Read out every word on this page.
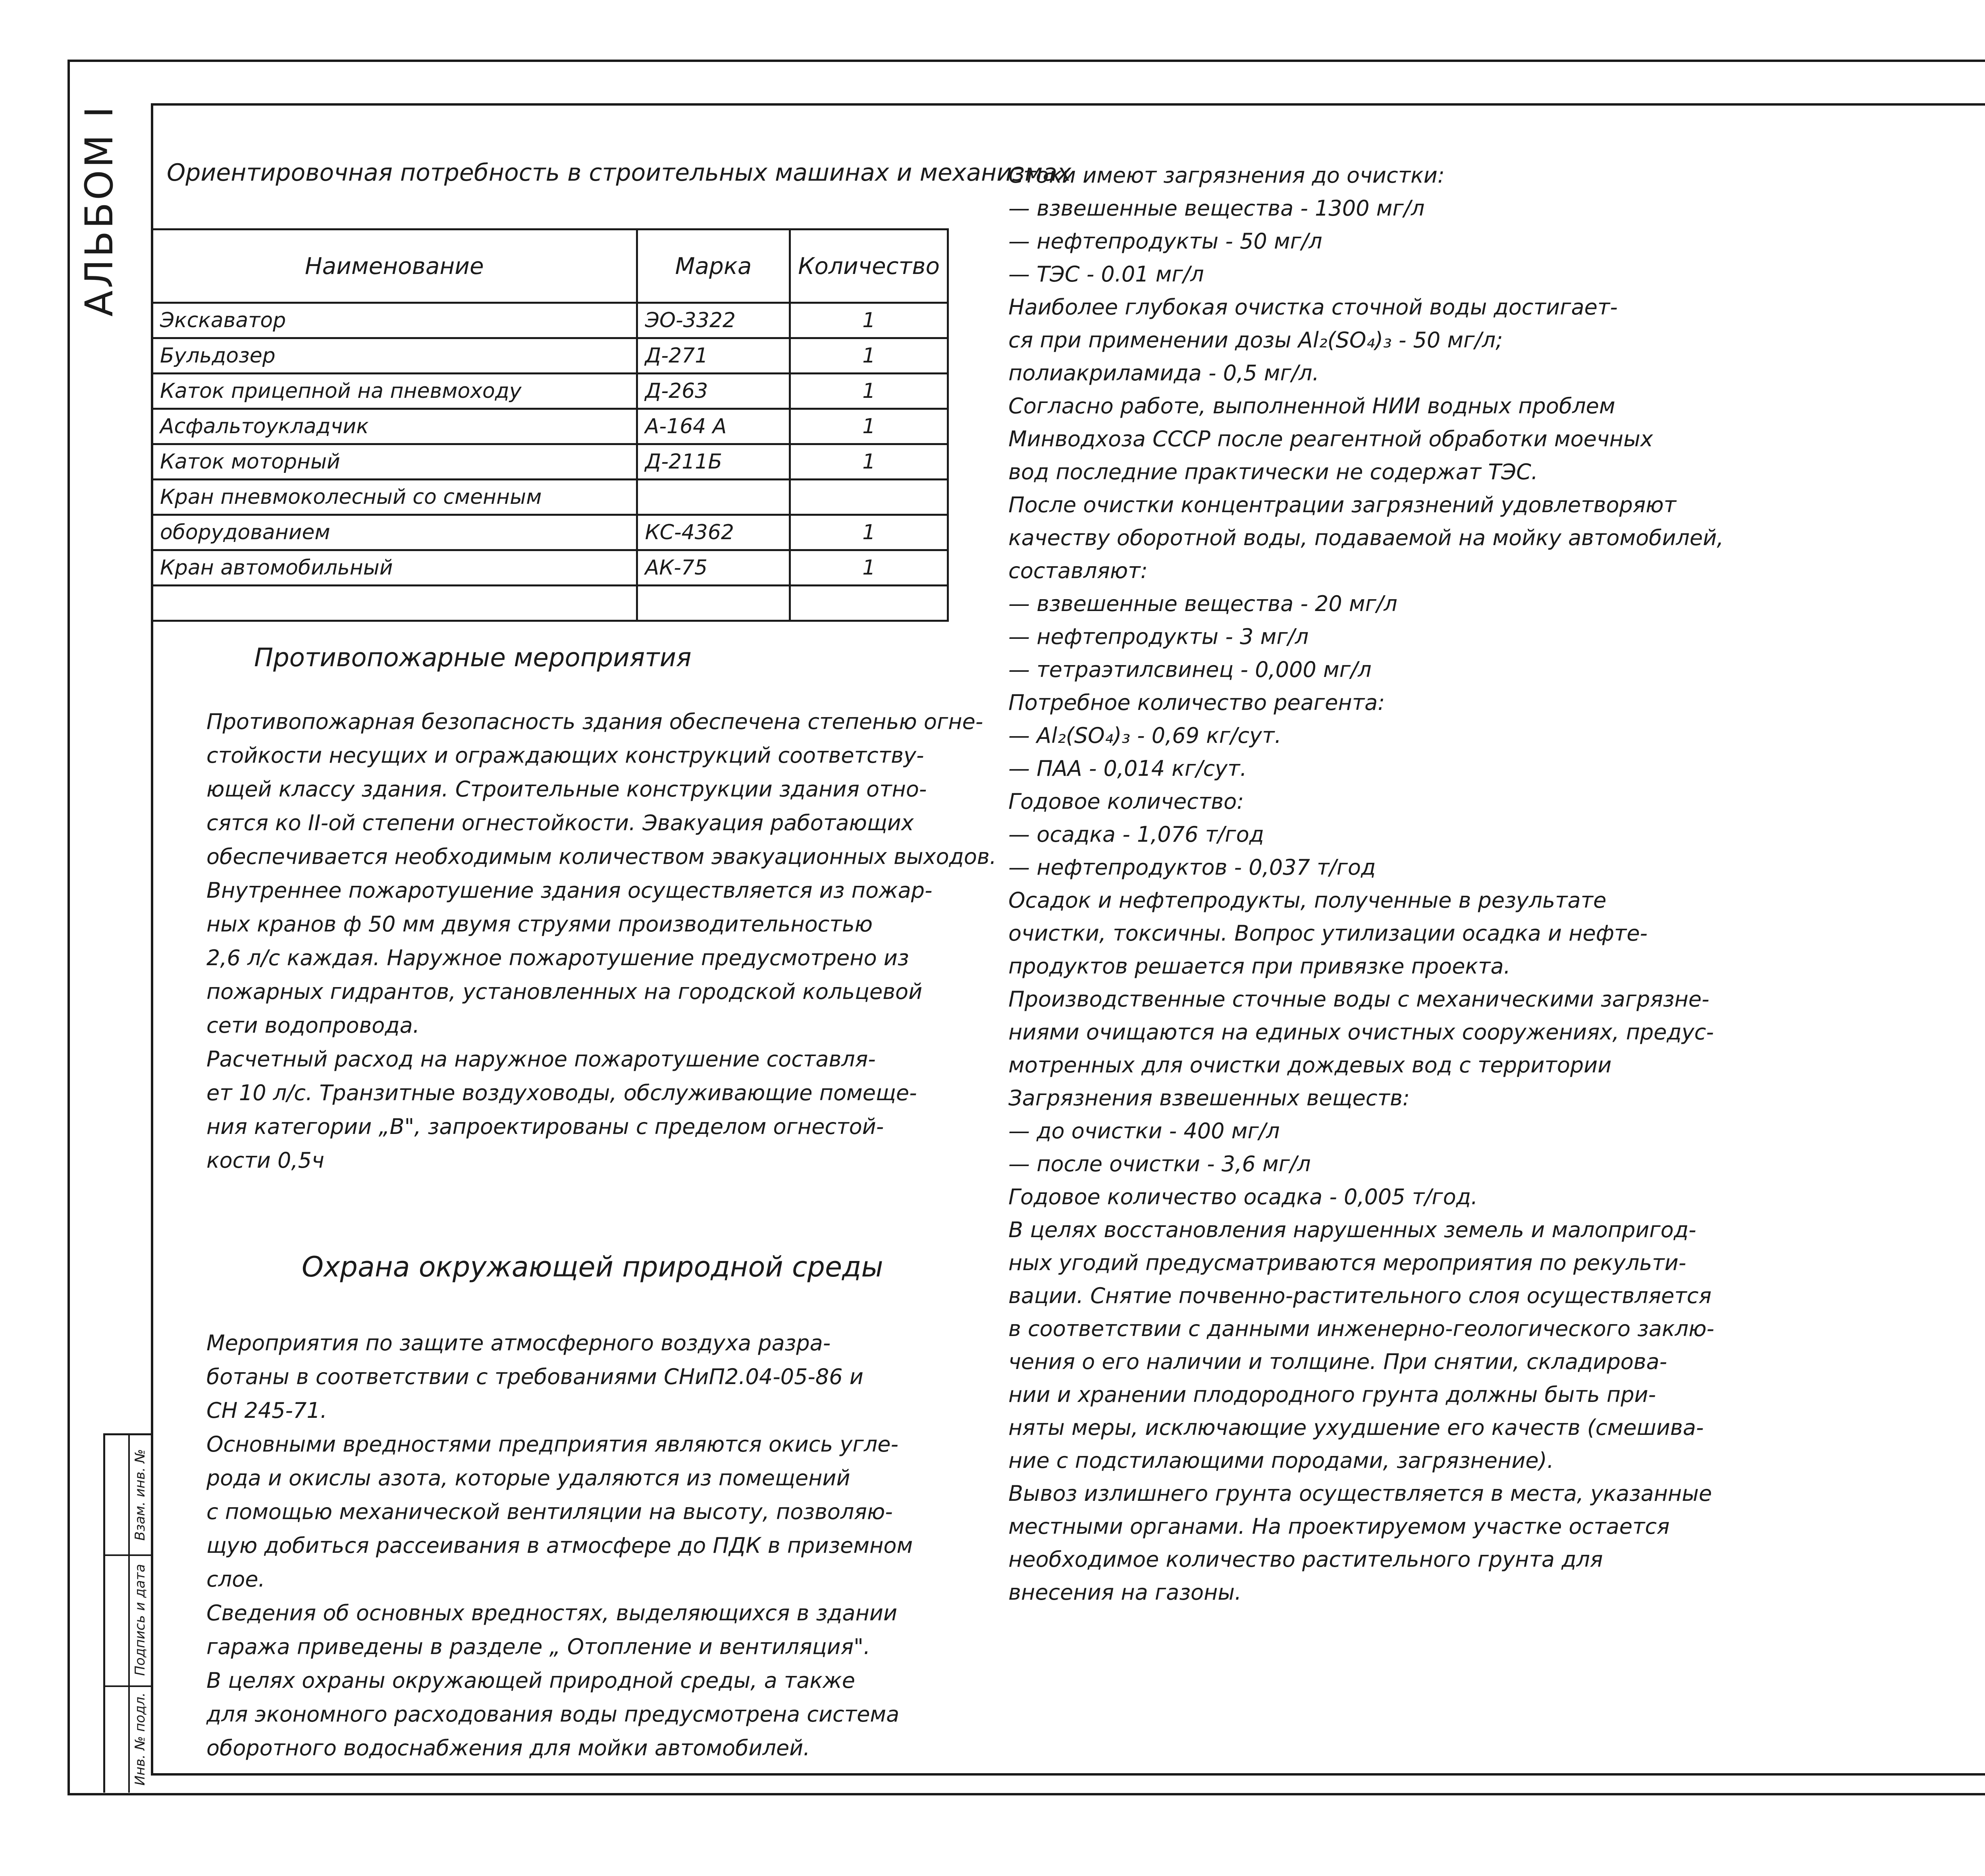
АЛЬБОМ I
Взам. инв. №
Подпись и дата
Инв. № подл.
Ориентировочная потребность в строительных машинах и механизмах
Наименование	Марка	Количество
Экскаватор	ЭО-3322	1
Бульдозер	Д-271	1
Каток прицепной на пневмоходу	Д-263	1
Асфальтоукладчик	А-164 А	1
Каток моторный	Д-211Б	1
Кран пневмоколесный со сменным		
оборудованием	КС-4362	1
Кран автомобильный	АК-75	1

Противопожарные мероприятия

Противопожарная безопасность здания обеспечена степенью огне-

стойкости несущих и ограждающих конструкций соответству-

ющей классу здания. Строительные конструкции здания отно-

сятся ко II-ой степени огнестойкости. Эвакуация работающих

обеспечивается необходимым количеством эвакуационных выходов.

Внутреннее пожаротушение здания осуществляется из пожар-

ных кранов ф 50 мм двумя струями производительностью

2,6 л/с каждая. Наружное пожаротушение предусмотрено из

пожарных гидрантов, установленных на городской кольцевой

сети водопровода.

Расчетный расход на наружное пожаротушение составля-

ет 10 л/с. Транзитные воздуховоды, обслуживающие помеще-

ния категории „В", запроектированы с пределом огнестой-

кости 0,5ч

Охрана окружающей природной среды

Мероприятия по защите атмосферного воздуха разра-

ботаны в соответствии с требованиями СНиП2.04-05-86 и

СН 245-71.

Основными вредностями предприятия являются окись угле-

рода и окислы азота, которые удаляются из помещений

с помощью механической вентиляции на высоту, позволяю-

щую добиться рассеивания в атмосфере до ПДК в приземном

слое.

Сведения об основных вредностях, выделяющихся в здании

гаража приведены в разделе „ Отопление и вентиляция".

В целях охраны окружающей природной среды, а также

для экономного расходования воды предусмотрена система

оборотного водоснабжения для мойки автомобилей.

Стоки имеют загрязнения до очистки:

— взвешенные вещества - 1300 мг/л

— нефтепродукты - 50 мг/л

— ТЭС - 0.01 мг/л

Наиболее глубокая очистка сточной воды достигает-

ся при применении дозы Al₂(SO₄)₃ - 50 мг/л;

полиакриламида - 0,5 мг/л.

Согласно работе, выполненной НИИ водных проблем

Минводхоза СССР после реагентной обработки моечных

вод последние практически не содержат ТЭС.

После очистки концентрации загрязнений удовлетворяют

качеству оборотной воды, подаваемой на мойку автомобилей,

составляют:

— взвешенные вещества - 20 мг/л

— нефтепродукты - 3 мг/л

— тетраэтилсвинец - 0,000 мг/л

Потребное количество реагента:

— Al₂(SO₄)₃ - 0,69 кг/сут.

— ПАА - 0,014 кг/сут.

Годовое количество:

— осадка - 1,076 т/год

— нефтепродуктов - 0,037 т/год

Осадок и нефтепродукты, полученные в результате

очистки, токсичны. Вопрос утилизации осадка и нефте-

продуктов решается при привязке проекта.

Производственные сточные воды с механическими загрязне-

ниями очищаются на единых очистных сооружениях, предус-

мотренных для очистки дождевых вод с территории

Загрязнения взвешенных веществ:

— до очистки - 400 мг/л

— после очистки - 3,6 мг/л

Годовое количество осадка - 0,005 т/год.

В целях восстановления нарушенных земель и малопригод-

ных угодий предусматриваются мероприятия по рекульти-

вации. Снятие почвенно-растительного слоя осуществляется

в соответствии с данными инженерно-геологического заклю-

чения о его наличии и толщине. При снятии, складирова-

нии и хранении плодородного грунта должны быть при-

няты меры, исключающие ухудшение его качеств (смешива-

ние с подстилающими породами, загрязнение).

Вывоз излишнего грунта осуществляется в места, указанные

местными органами. На проектируемом участке остается

необходимое количество растительного грунта для

внесения на газоны.
